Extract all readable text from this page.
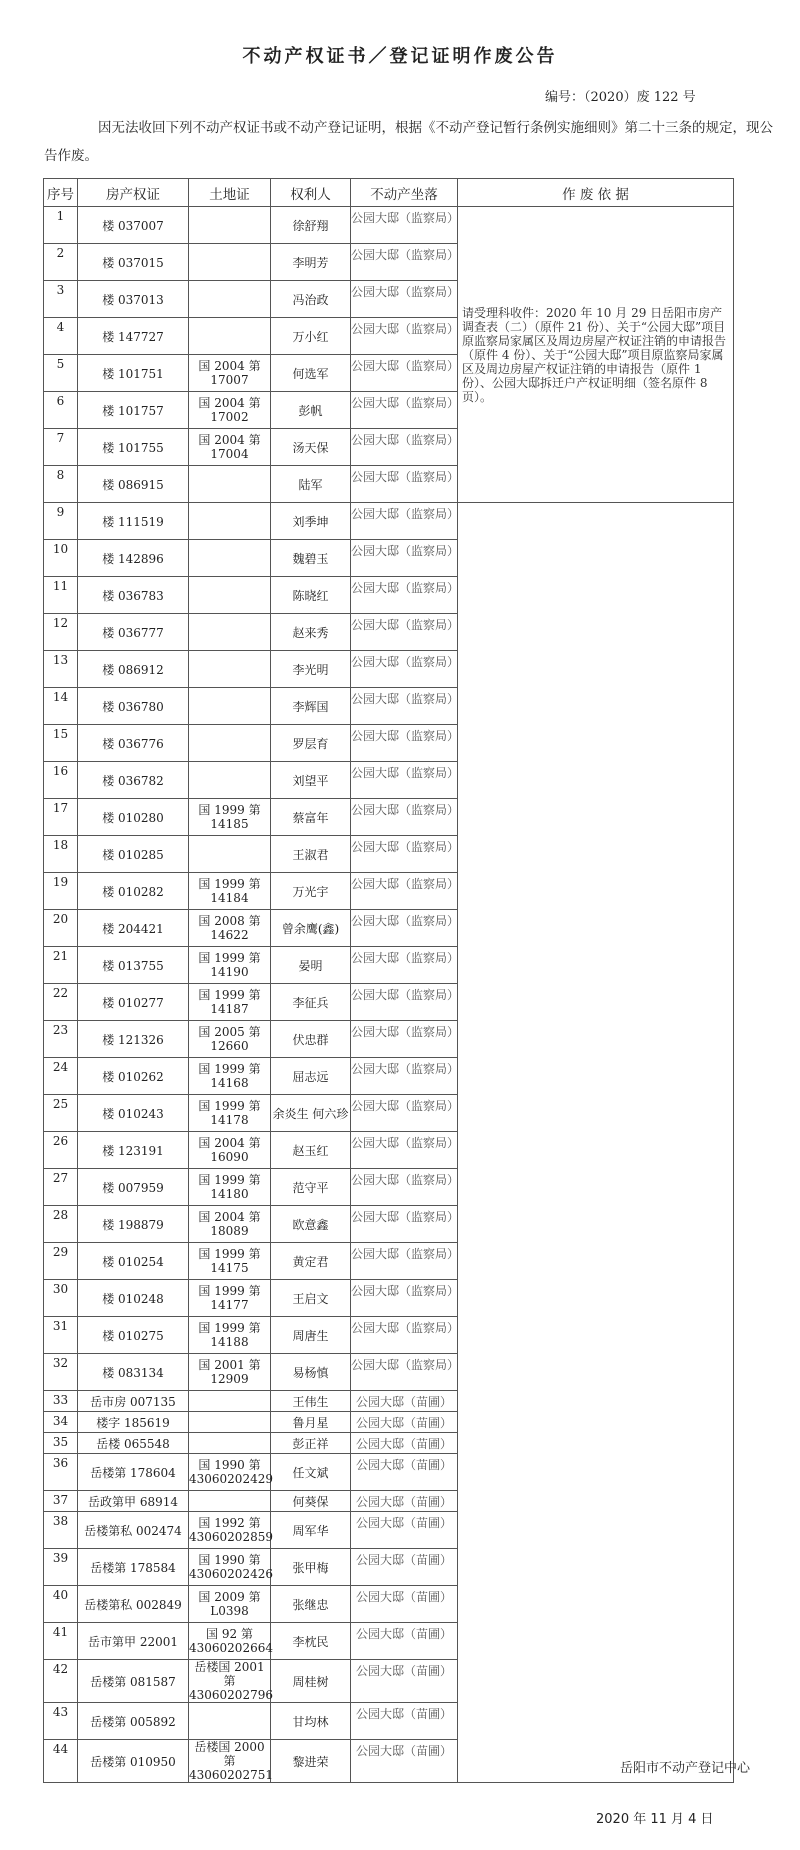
不动产权证书／登记证明作废公告
编号：（2020）废 122 号
因无法收回下列不动产权证书或不动产登记证明，根据《不动产登记暂行条例实施细则》第二十三条的规定，现公告作废。
序号	房产权证	土地证	权利人	不动产坐落	作 废 依 据
1	楼 037007		徐舒翔	公园大邸（监察局）	请受理科收件：2020 年 10 月 29 日岳阳市房产调查表（二）（原件 21 份）、关于“公园大邸”项目原监察局家属区及周边房屋产权证注销的申请报告（原件 4 份）、关于“公园大邸”项目原监察局家属区及周边房屋产权证注销的申请报告（原件 1 份）、公园大邸拆迁户产权证明细（签名原件 8 页）。
2	楼 037015		李明芳	公园大邸（监察局）	
3	楼 037013		冯治政	公园大邸（监察局）	
4	楼 147727		万小红	公园大邸（监察局）	
5	楼 101751	国 2004 第 17007	何选军	公园大邸（监察局）	
6	楼 101757	国 2004 第 17002	彭帆	公园大邸（监察局）	
7	楼 101755	国 2004 第 17004	汤天保	公园大邸（监察局）	
8	楼 086915		陆军	公园大邸（监察局）	
9	楼 111519		刘季坤	公园大邸（监察局）	
10	楼 142896		魏碧玉	公园大邸（监察局）	
11	楼 036783		陈晓红	公园大邸（监察局）	
12	楼 036777		赵来秀	公园大邸（监察局）	
13	楼 086912		李光明	公园大邸（监察局）	
14	楼 036780		李辉国	公园大邸（监察局）	
15	楼 036776		罗层育	公园大邸（监察局）	
16	楼 036782		刘望平	公园大邸（监察局）	
17	楼 010280	国 1999 第 14185	蔡富年	公园大邸（监察局）	
18	楼 010285		王淑君	公园大邸（监察局）	
19	楼 010282	国 1999 第 14184	万光宇	公园大邸（监察局）	
20	楼 204421	国 2008 第 14622	曾余鹰(鑫)	公园大邸（监察局）	
21	楼 013755	国 1999 第 14190	晏明	公园大邸（监察局）	
22	楼 010277	国 1999 第 14187	李征兵	公园大邸（监察局）	
23	楼 121326	国 2005 第 12660	伏忠群	公园大邸（监察局）	
24	楼 010262	国 1999 第 14168	屈志远	公园大邸（监察局）	
25	楼 010243	国 1999 第 14178	余炎生 何六珍	公园大邸（监察局）	
26	楼 123191	国 2004 第 16090	赵玉红	公园大邸（监察局）	
27	楼 007959	国 1999 第 14180	范守平	公园大邸（监察局）	
28	楼 198879	国 2004 第 18089	欧意鑫	公园大邸（监察局）	
29	楼 010254	国 1999 第 14175	黄定君	公园大邸（监察局）	
30	楼 010248	国 1999 第 14177	王启文	公园大邸（监察局）	
31	楼 010275	国 1999 第 14188	周唐生	公园大邸（监察局）	
32	楼 083134	国 2001 第 12909	易杨慎	公园大邸（监察局）	
33	岳市房 007135		王伟生	公园大邸（苗圃）	
34	楼字 185619		鲁月星	公园大邸（苗圃）	
35	岳楼 065548		彭正祥	公园大邸（苗圃）	
36	岳楼第 178604	国 1990 第 43060202429	任文斌	公园大邸（苗圃）	
37	岳政第甲 68914		何葵保	公园大邸（苗圃）	
38	岳楼第私 002474	国 1992 第 43060202859	周军华	公园大邸（苗圃）	
39	岳楼第 178584	国 1990 第 43060202426	张甲梅	公园大邸（苗圃）	
40	岳楼第私 002849	国 2009 第 L0398	张继忠	公园大邸（苗圃）	
41	岳市第甲 22001	国 92 第 43060202664	李枕民	公园大邸（苗圃）	
42	岳楼第 081587	岳楼国 2001 第 43060202796	周桂树	公园大邸（苗圃）	
43	岳楼第 005892		甘均林	公园大邸（苗圃）	
44	岳楼第 010950	岳楼国 2000 第 43060202751	黎进荣	公园大邸（苗圃）	
岳阳市不动产登记中心
2020 年 11 月 4 日
